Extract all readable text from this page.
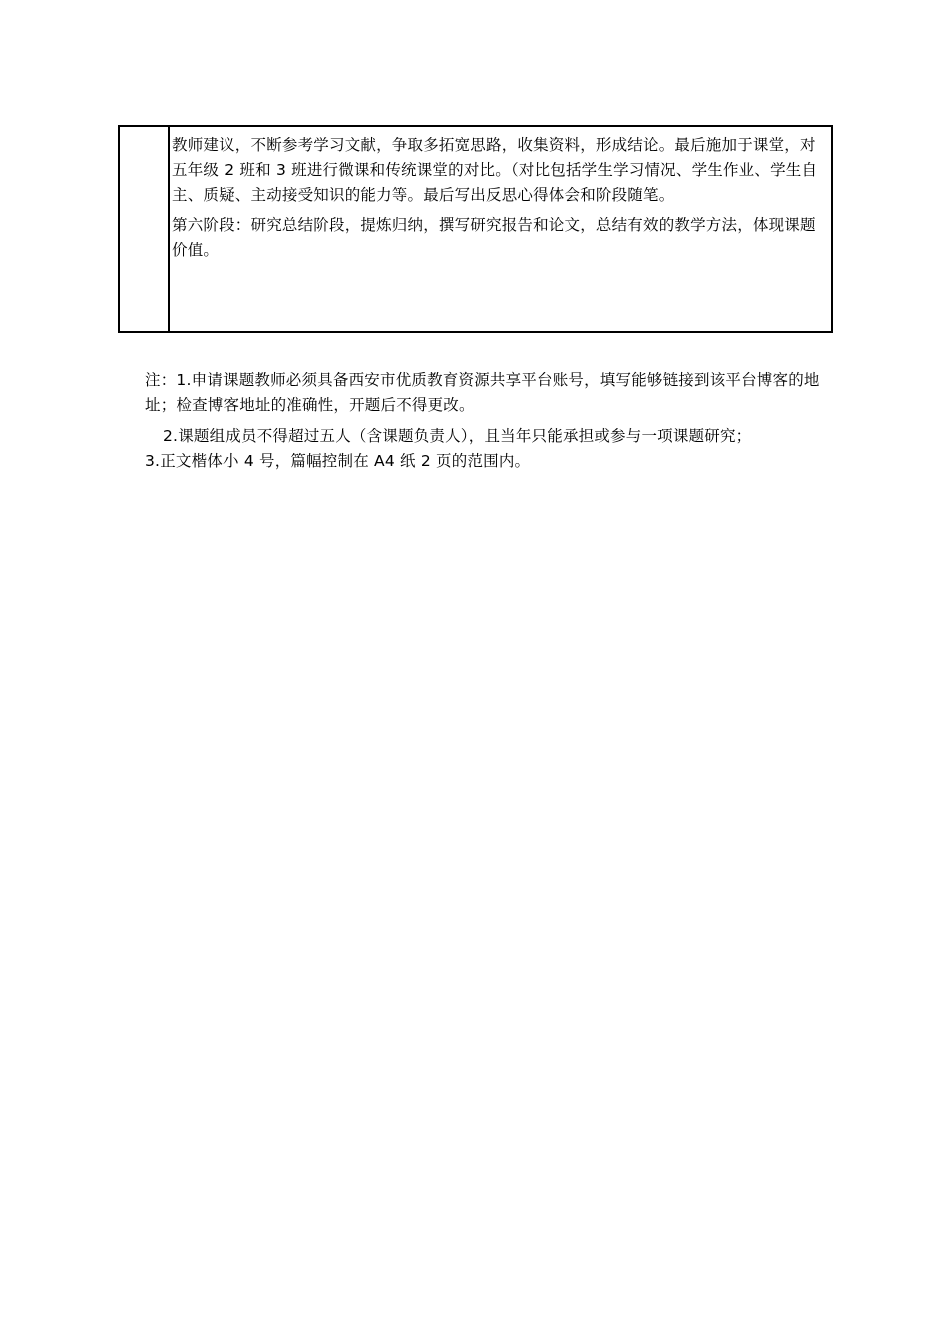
教师建议，不断参考学习文献，争取多拓宽思路，收集资料，形成结论。最后施加于课堂，对五年级 2 班和 3 班进行微课和传统课堂的对比。（对比包括学生学习情况、学生作业、学生自主、质疑、主动接受知识的能力等。最后写出反思心得体会和阶段随笔。

第六阶段：研究总结阶段，提炼归纳，撰写研究报告和论文，总结有效的教学方法，体现课题价值。

注：1.申请课题教师必须具备西安市优质教育资源共享平台账号，填写能够链接到该平台博客的地址；检查博客地址的准确性，开题后不得更改。

2.课题组成员不得超过五人（含课题负责人），且当年只能承担或参与一项课题研究；

3.正文楷体小 4 号，篇幅控制在 A4 纸 2 页的范围内。
